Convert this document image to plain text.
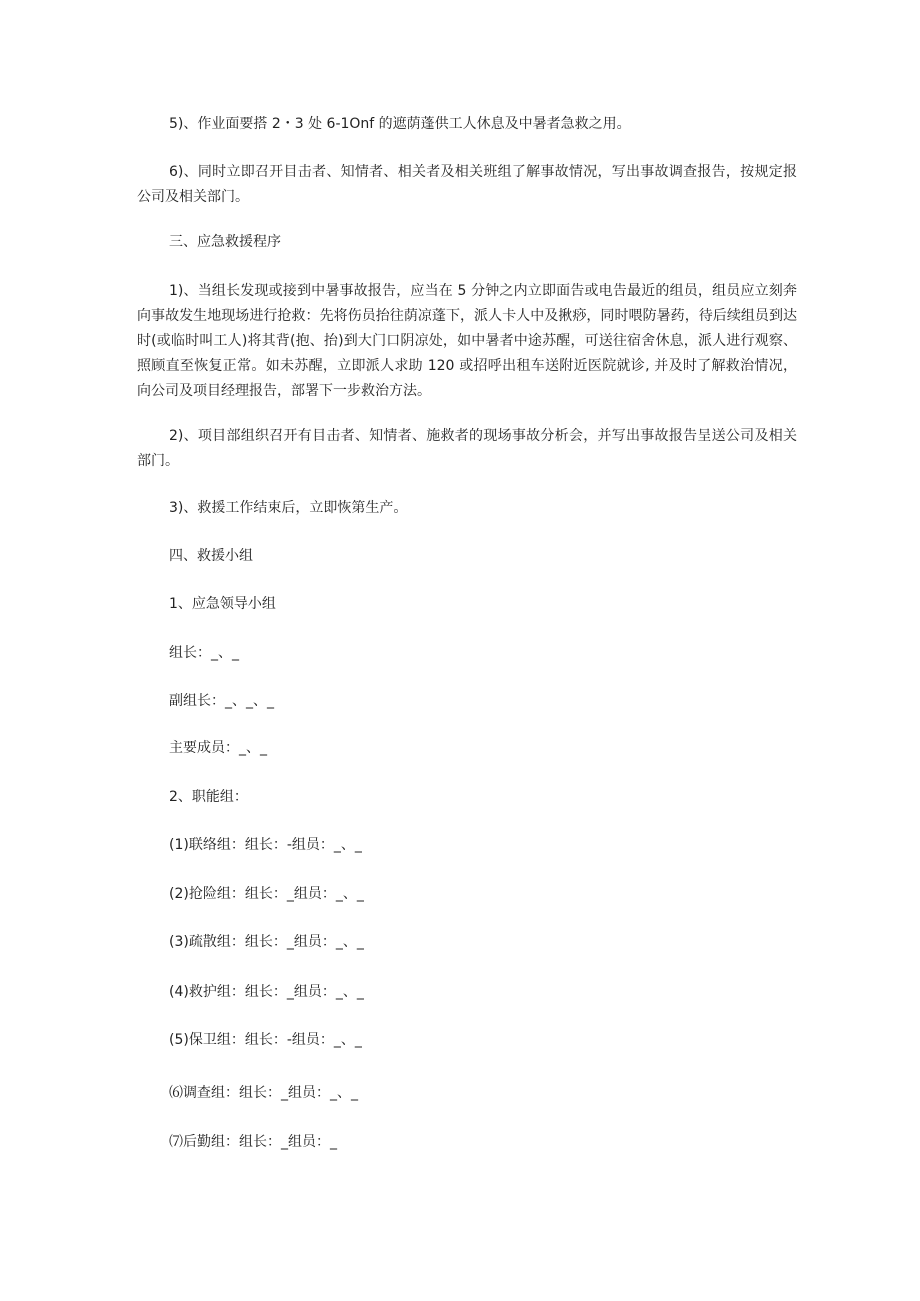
5)、作业面要搭 2・3 处 6-1Onf 的遮荫蓬供工人休息及中暑者急救之用。

6)、同时立即召开目击者、知情者、相关者及相关班组了解事故情况，写出事故调查报告，按规定报公司及相关部门。

三、应急救援程序

1)、当组长发现或接到中暑事故报告，应当在 5 分钟之内立即面告或电告最近的组员，组员应立刻奔向事故发生地现场进行抢救：先将伤员抬往荫凉蓬下，派人卡人中及揪痧，同时喂防暑药，待后续组员到达时(或临时叫工人)将其背(抱、抬)到大门口阴凉处，如中暑者中途苏醒，可送往宿舍休息，派人进行观察、照顾直至恢复正常。如未苏醒，立即派人求助 120 或招呼出租车送附近医院就诊, 并及时了解救治情况，向公司及项目经理报告，部署下一步救治方法。

2)、项目部组织召开有目击者、知情者、施救者的现场事故分析会，并写出事故报告呈送公司及相关部门。

3)、救援工作结束后，立即恢第生产。

四、救援小组

1、应急领导小组

组长：_、_

副组长：_、_、_

主要成员：_、_

2、职能组：

(1)联络组：组长：-组员：_、_

(2)抢险组：组长：_组员：_、_

(3)疏散组：组长：_组员：_、_

(4)救护组：组长：_组员：_、_

(5)保卫组：组长：-组员：_、_

⑹调查组：组长：_组员：_、_

⑺后勤组：组长：_组员：_
